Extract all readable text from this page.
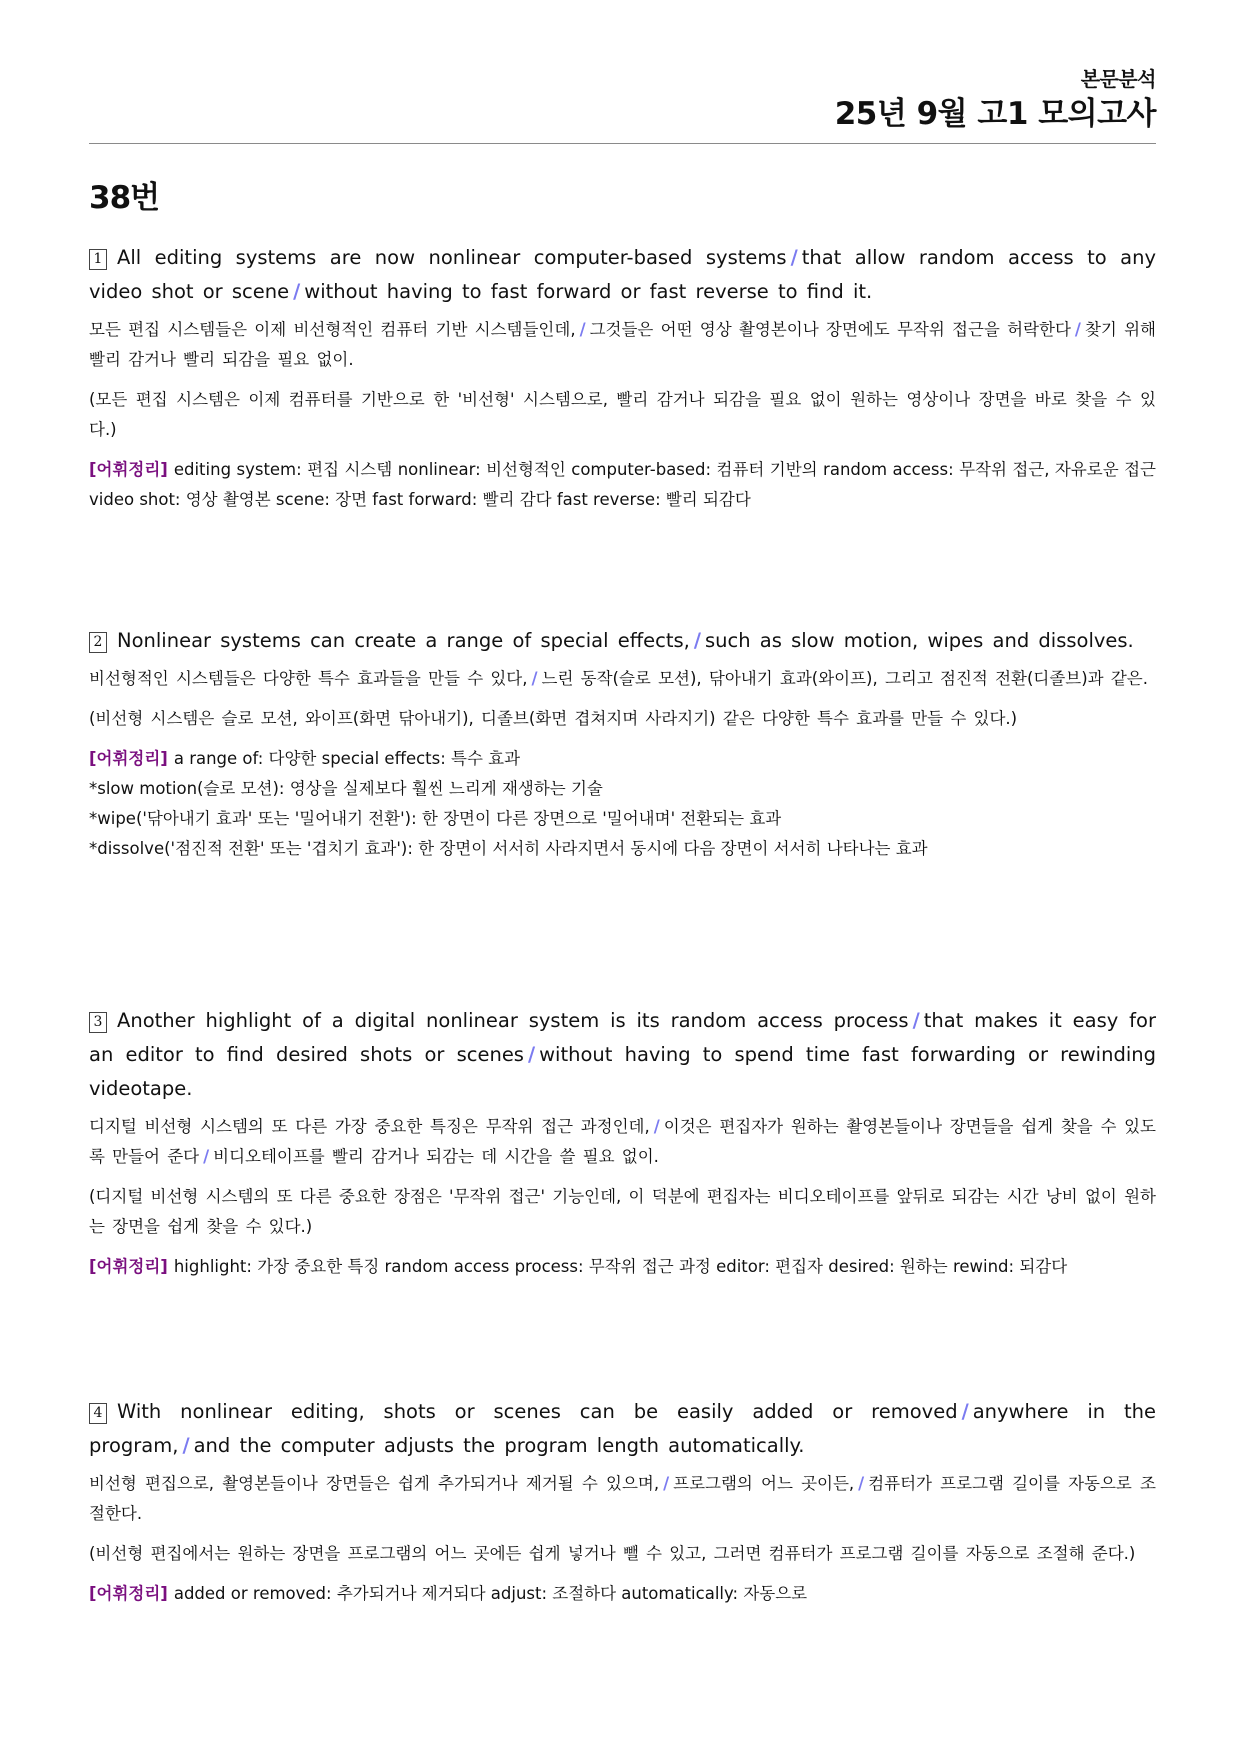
본문분석
25년 9월 고1 모의고사
38번

1 All editing systems are now nonlinear computer-based systems / that allow random access to any video shot or scene / without having to fast forward or fast reverse to find it.

모든 편집 시스템들은 이제 비선형적인 컴퓨터 기반 시스템들인데, / 그것들은 어떤 영상 촬영본이나 장면에도 무작위 접근을 허락한다 / 찾기 위해 빨리 감거나 빨리 되감을 필요 없이.

(모든 편집 시스템은 이제 컴퓨터를 기반으로 한 '비선형' 시스템으로, 빨리 감거나 되감을 필요 없이 원하는 영상이나 장면을 바로 찾을 수 있다.)

[어휘정리] editing system: 편집 시스템 nonlinear: 비선형적인 computer-based: 컴퓨터 기반의 random access: 무작위 접근, 자유로운 접근 video shot: 영상 촬영본 scene: 장면 fast forward: 빨리 감다 fast reverse: 빨리 되감다

2 Nonlinear systems can create a range of special effects, / such as slow motion, wipes and dissolves.

비선형적인 시스템들은 다양한 특수 효과들을 만들 수 있다, / 느린 동작(슬로 모션), 닦아내기 효과(와이프), 그리고 점진적 전환(디졸브)과 같은.

(비선형 시스템은 슬로 모션, 와이프(화면 닦아내기), 디졸브(화면 겹쳐지며 사라지기) 같은 다양한 특수 효과를 만들 수 있다.)

[어휘정리] a range of: 다양한 special effects: 특수 효과

*slow motion(슬로 모션): 영상을 실제보다 훨씬 느리게 재생하는 기술

*wipe('닦아내기 효과' 또는 '밀어내기 전환'): 한 장면이 다른 장면으로 '밀어내며' 전환되는 효과

*dissolve('점진적 전환' 또는 '겹치기 효과'): 한 장면이 서서히 사라지면서 동시에 다음 장면이 서서히 나타나는 효과

3 Another highlight of a digital nonlinear system is its random access process / that makes it easy for an editor to find desired shots or scenes / without having to spend time fast forwarding or rewinding videotape.

디지털 비선형 시스템의 또 다른 가장 중요한 특징은 무작위 접근 과정인데, / 이것은 편집자가 원하는 촬영본들이나 장면들을 쉽게 찾을 수 있도록 만들어 준다 / 비디오테이프를 빨리 감거나 되감는 데 시간을 쓸 필요 없이.

(디지털 비선형 시스템의 또 다른 중요한 장점은 '무작위 접근' 기능인데, 이 덕분에 편집자는 비디오테이프를 앞뒤로 되감는 시간 낭비 없이 원하는 장면을 쉽게 찾을 수 있다.)

[어휘정리] highlight: 가장 중요한 특징 random access process: 무작위 접근 과정 editor: 편집자 desired: 원하는 rewind: 되감다

4 With nonlinear editing, shots or scenes can be easily added or removed / anywhere in the program, / and the computer adjusts the program length automatically.

비선형 편집으로, 촬영본들이나 장면들은 쉽게 추가되거나 제거될 수 있으며, / 프로그램의 어느 곳이든, / 컴퓨터가 프로그램 길이를 자동으로 조절한다.

(비선형 편집에서는 원하는 장면을 프로그램의 어느 곳에든 쉽게 넣거나 뺄 수 있고, 그러면 컴퓨터가 프로그램 길이를 자동으로 조절해 준다.)

[어휘정리] added or removed: 추가되거나 제거되다 adjust: 조절하다 automatically: 자동으로
